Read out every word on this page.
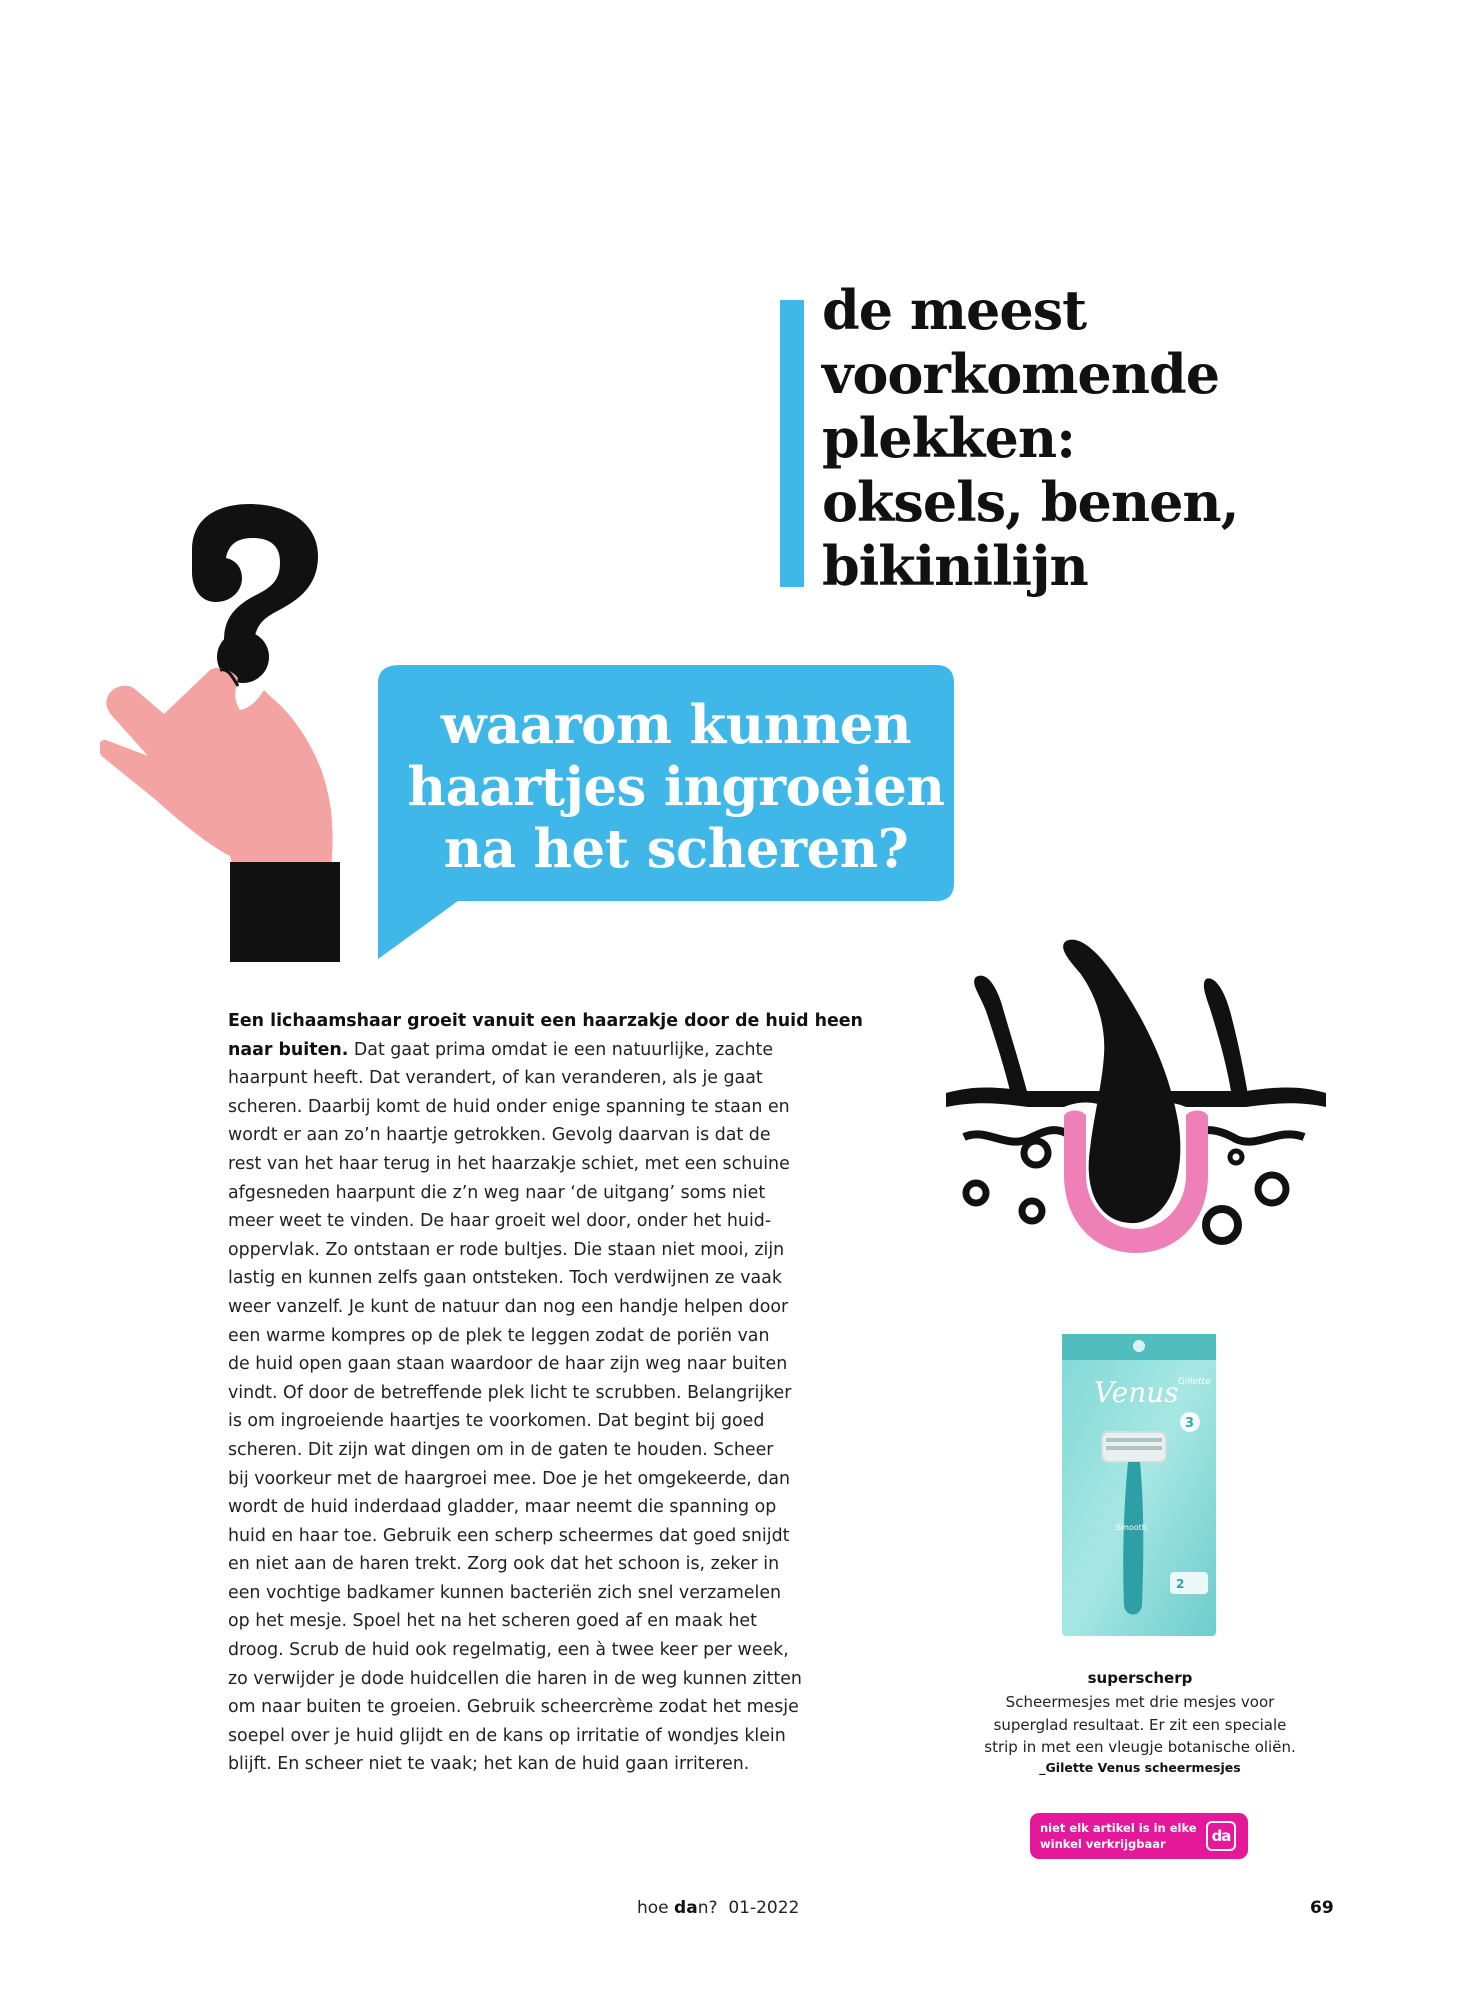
de meest
voorkomende
plekken:
oksels, benen,
bikinilijn
waarom kunnen
haartjes ingroeien
na het scheren?
Een lichaamshaar groeit vanuit een haarzakje door de huid heen
naar buiten. Dat gaat prima omdat ie een natuurlijke, zachte
haarpunt heeft. Dat verandert, of kan veranderen, als je gaat
scheren. Daarbij komt de huid onder enige spanning te staan en
wordt er aan zo’n haartje getrokken. Gevolg daarvan is dat de
rest van het haar terug in het haarzakje schiet, met een schuine
afgesneden haarpunt die z’n weg naar ‘de uitgang’ soms niet
meer weet te vinden. De haar groeit wel door, onder het huid-
oppervlak. Zo ontstaan er rode bultjes. Die staan niet mooi, zijn
lastig en kunnen zelfs gaan ontsteken. Toch verdwijnen ze vaak
weer vanzelf. Je kunt de natuur dan nog een handje helpen door
een warme kompres op de plek te leggen zodat de poriën van
de huid open gaan staan waardoor de haar zijn weg naar buiten
vindt. Of door de betreffende plek licht te scrubben. Belangrijker
is om ingroeiende haartjes te voorkomen. Dat begint bij goed
scheren. Dit zijn wat dingen om in de gaten te houden. Scheer
bij voorkeur met de haargroei mee. Doe je het omgekeerde, dan
wordt de huid inderdaad gladder, maar neemt die spanning op
huid en haar toe. Gebruik een scherp scheermes dat goed snijdt
en niet aan de haren trekt. Zorg ook dat het schoon is, zeker in
een vochtige badkamer kunnen bacteriën zich snel verzamelen
op het mesje. Spoel het na het scheren goed af en maak het
droog. Scrub de huid ook regelmatig, een à twee keer per week,
zo verwijder je dode huidcellen die haren in de weg kunnen zitten
om naar buiten te groeien. Gebruik scheercrème zodat het mesje
soepel over je huid glijdt en de kans op irritatie of wondjes klein
blijft. En scheer niet te vaak; het kan de huid gaan irriteren.
Gillette
Venus
3
Smooth
2
superscherp

Scheermesjes met drie mesjes voor
superglad resultaat. Er zit een speciale
strip in met een vleugje botanische oliën.

_Gilette Venus scheermesjes

niet elk artikel is in elke
winkel verkrijgbaar	da
hoe dan? 01-2022	69
